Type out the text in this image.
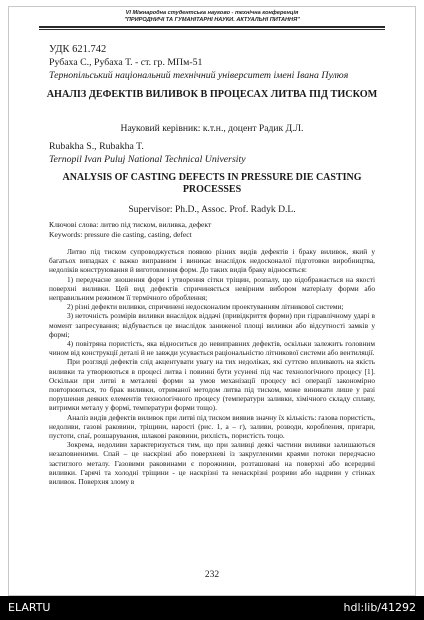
VI Міжнародна студентська науково - технічна конференція
"ПРИРОДНИЧІ ТА ГУМАНІТАРНІ НАУКИ. АКТУАЛЬНІ ПИТАННЯ"
УДК 621.742
Рубаха С., Рубаха Т. - ст. гр. МПм-51
Тернопільський національний технічний університет імені Івана Пулюя
АНАЛІЗ ДЕФЕКТІВ ВИЛИВОК В ПРОЦЕСАХ ЛИТВА ПІД ТИСКОМ
Науковий керівник: к.т.н., доцент Радик Д.Л.
Rubakha S., Rubakha T.
Ternopil Ivan Puluj National Technical University
ANALYSIS OF CASTING DEFECTS IN PRESSURE DIE CASTING PROCESSES
Supervisor: Ph.D., Assoc. Prof. Radyk D.L.
Ключові слова: литво під тиском, виливка, дефект
Keywords: pressure die casting, casting, defect

Литво під тиском супроводжується появою різних видів дефектів і браку виливок, який у багатьох випадках є важко виправним і виникає внаслідок недоcконалої підготовки виробництва, недоліків конструювання й виготовлення форм. До таких видів браку відносяться:

1) передчасне зношення форм і утворення сітки тріщин, розпалу, що відображається на якості поверхні виливки. Цей вид дефектів спричиняється невірним вибором матеріалу форми або неправильним режимом її термічного оброблення;

2) різні дефекти виливки, спричинені недосконалим проектуванням літникової системи;

3) неточність розмірів виливки внаслідок віддачі (привідкриття форми) при гідравлічному ударі в момент запресування; відбувається це внаслідок заниженої площі виливки або відсутності замків у формі;

4) повітряна пористість, яка відноситься до невиправних дефектів, оскільки залежить головним чином від конструкції деталі й не завжди усувається раціональністю літникової системи або вентиляції.

При розгляді дефектів слід акцентувати увагу на тих недоліках, які суттєво впливають на якість виливки та утворюються в процесі литва і повинні бути усунені під час технологічного процесу [1]. Оскільки при литві в металеві форми за умов механізації процесу всі операції закономірно повторюються, то брак виливки, отриманої методом литва під тиском, може виникати лише у разі порушення деяких елементів технологічного процесу (температури заливки, хімічного складу сплаву, витримки металу у формі, температури форми тощо).

Аналіз видів дефектів виливок при литві під тиском виявив значну їх кількість: газова пористість, недоливи, газові раковини, тріщини, наростi (рис. 1, а – г), заливи, розводи, коробления, пригари, пустоти, спаї, розшарування, шлакові раковини, рихлість, пористість тощо.

Зокрема, недоливи характеризується тим, що при заливці деякі частини виливки залишаються незаповненими. Спай – це наскрізні або поверхневі із закругленими краями потоки передчасно застиглого металу. Газовими раковинами є порожнини, розташовані на поверхні або всередині виливки. Гарячі та холодні тріщини - це наскрізні та ненаскрізні розриви або надриви у стінках виливок. Поверхня злому в

232
ELARTU	hdl:lib/41292
